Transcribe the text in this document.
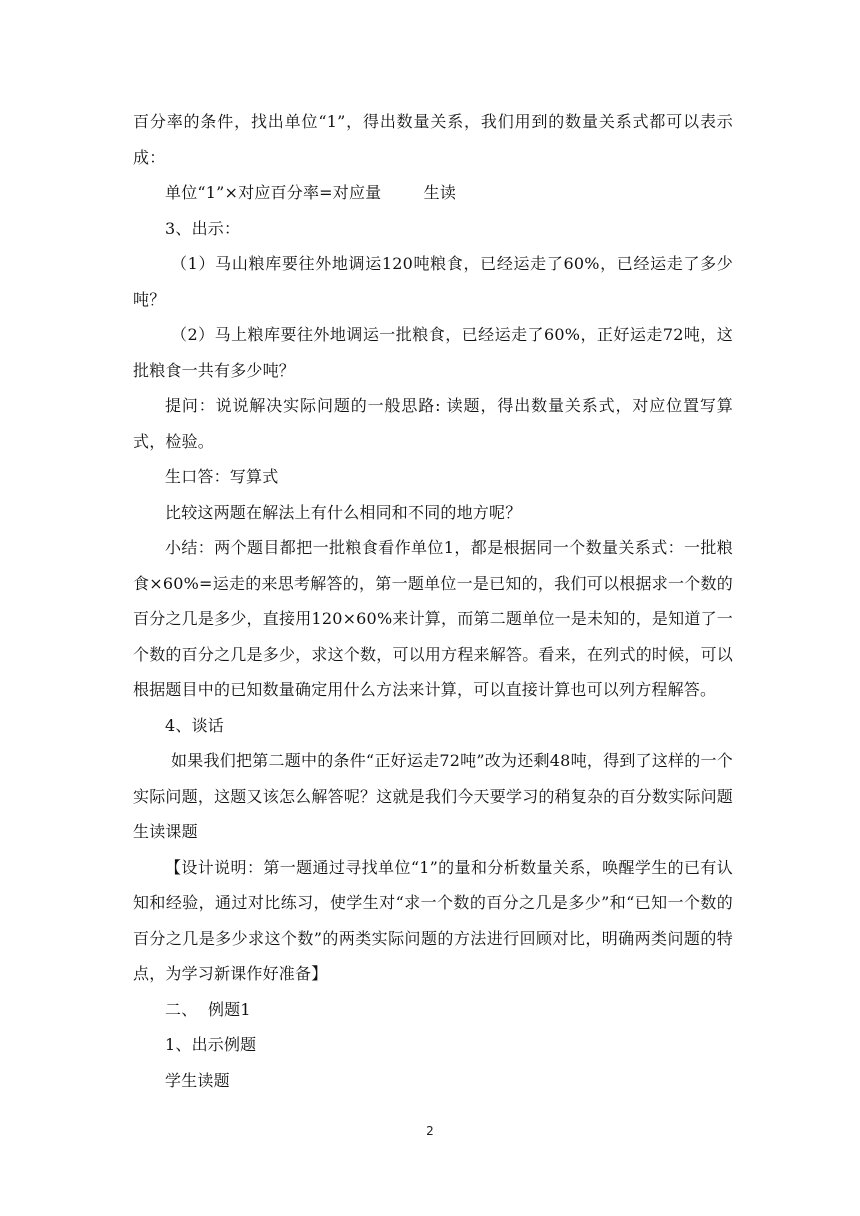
百分率的条件，找出单位“1”，得出数量关系，我们用到的数量关系式都可以表示成：

单位“1”×对应百分率=对应量        生读

3、出示：

（1）马山粮库要往外地调运120吨粮食，已经运走了60%，已经运走了多少吨？

（2）马上粮库要往外地调运一批粮食，已经运走了60%，正好运走72吨，这批粮食一共有多少吨？

提问：说说解决实际问题的一般思路: 读题，得出数量关系式，对应位置写算式，检验。

生口答：写算式

比较这两题在解法上有什么相同和不同的地方呢？

小结：两个题目都把一批粮食看作单位1，都是根据同一个数量关系式：一批粮食×60%=运走的来思考解答的，第一题单位一是已知的，我们可以根据求一个数的百分之几是多少，直接用120×60%来计算，而第二题单位一是未知的，是知道了一个数的百分之几是多少，求这个数，可以用方程来解答。看来，在列式的时候，可以根据题目中的已知数量确定用什么方法来计算，可以直接计算也可以列方程解答。

4、谈话

如果我们把第二题中的条件“正好运走72吨”改为还剩48吨，得到了这样的一个实际问题，这题又该怎么解答呢？这就是我们今天要学习的稍复杂的百分数实际问题    生读课题

【设计说明：第一题通过寻找单位“1”的量和分析数量关系，唤醒学生的已有认知和经验，通过对比练习，使学生对“求一个数的百分之几是多少”和“已知一个数的百分之几是多少求这个数”的两类实际问题的方法进行回顾对比，明确两类问题的特点，为学习新课作好准备】

二、  例题1

1、出示例题

学生读题

2
